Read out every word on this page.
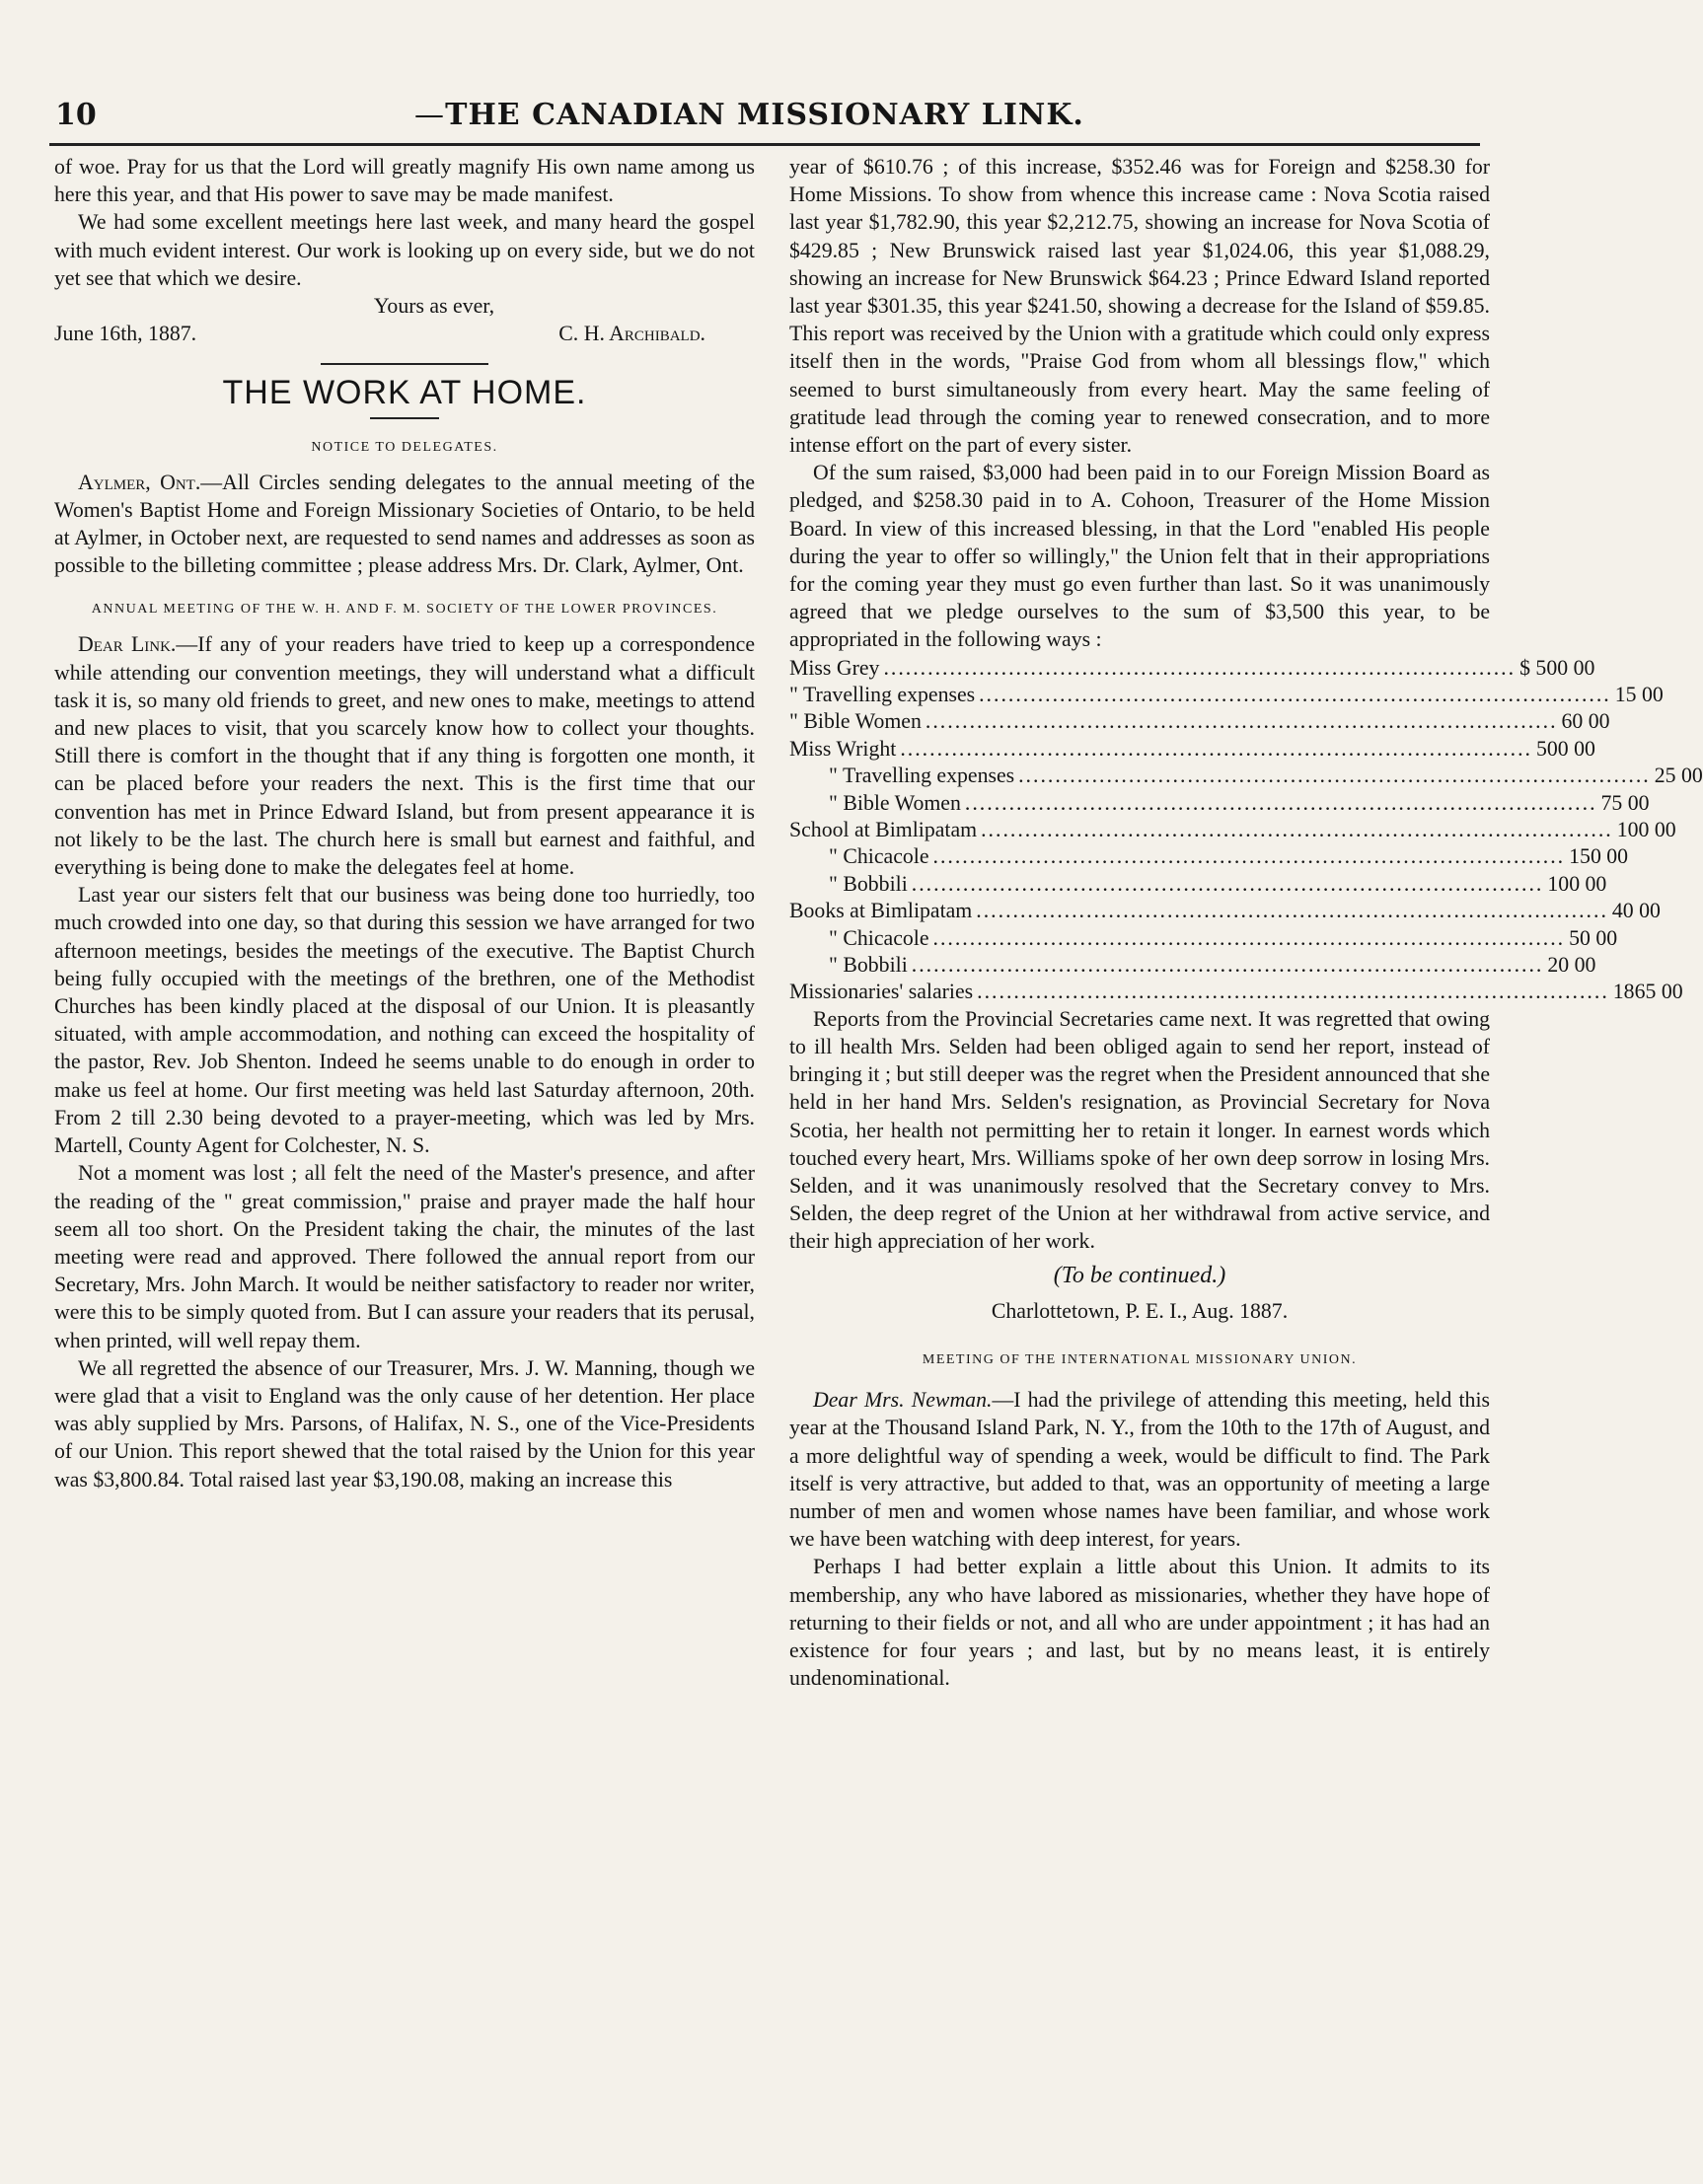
10	— THE CANADIAN MISSIONARY LINK.

of woe. Pray for us that the Lord will greatly magnify His own name among us here this year, and that His power to save may be made manifest.

We had some excellent meetings here last week, and many heard the gospel with much evident interest. Our work is looking up on every side, but we do not yet see that which we desire.

Yours as ever,
June 16th, 1887.	C. H. Archibald.
THE WORK AT HOME.
NOTICE TO DELEGATES.

Aylmer, Ont.—All Circles sending delegates to the annual meeting of the Women's Baptist Home and Foreign Missionary Societies of Ontario, to be held at Aylmer, in October next, are requested to send names and addresses as soon as possible to the billeting committee ; please address Mrs. Dr. Clark, Aylmer, Ont.

ANNUAL MEETING OF THE W. H. AND F. M. SOCIETY OF THE LOWER PROVINCES.

Dear Link.—If any of your readers have tried to keep up a correspondence while attending our convention meetings, they will understand what a difficult task it is, so many old friends to greet, and new ones to make, meetings to attend and new places to visit, that you scarcely know how to collect your thoughts. Still there is comfort in the thought that if any thing is forgotten one month, it can be placed before your readers the next. This is the first time that our convention has met in Prince Edward Island, but from present appearance it is not likely to be the last. The church here is small but earnest and faithful, and everything is being done to make the delegates feel at home.

Last year our sisters felt that our business was being done too hurriedly, too much crowded into one day, so that during this session we have arranged for two afternoon meetings, besides the meetings of the executive. The Baptist Church being fully occupied with the meetings of the brethren, one of the Methodist Churches has been kindly placed at the disposal of our Union. It is pleasantly situated, with ample accommodation, and nothing can exceed the hospitality of the pastor, Rev. Job Shenton. Indeed he seems unable to do enough in order to make us feel at home. Our first meeting was held last Saturday afternoon, 20th. From 2 till 2.30 being devoted to a prayer-meeting, which was led by Mrs. Martell, County Agent for Colchester, N. S.

Not a moment was lost ; all felt the need of the Master's presence, and after the reading of the " great commission," praise and prayer made the half hour seem all too short. On the President taking the chair, the minutes of the last meeting were read and approved. There followed the annual report from our Secretary, Mrs. John March. It would be neither satisfactory to reader nor writer, were this to be simply quoted from. But I can assure your readers that its perusal, when printed, will well repay them.

We all regretted the absence of our Treasurer, Mrs. J. W. Manning, though we were glad that a visit to England was the only cause of her detention. Her place was ably supplied by Mrs. Parsons, of Halifax, N. S., one of the Vice-Presidents of our Union. This report shewed that the total raised by the Union for this year was $3,800.84. Total raised last year $3,190.08, making an increase this

year of $610.76 ; of this increase, $352.46 was for Foreign and $258.30 for Home Missions. To show from whence this increase came : Nova Scotia raised last year $1,782.90, this year $2,212.75, showing an increase for Nova Scotia of $429.85 ; New Brunswick raised last year $1,024.06, this year $1,088.29, showing an increase for New Brunswick $64.23 ; Prince Edward Island reported last year $301.35, this year $241.50, showing a decrease for the Island of $59.85. This report was received by the Union with a gratitude which could only express itself then in the words, "Praise God from whom all blessings flow," which seemed to burst simultaneously from every heart. May the same feeling of gratitude lead through the coming year to renewed consecration, and to more intense effort on the part of every sister.

Of the sum raised, $3,000 had been paid in to our Foreign Mission Board as pledged, and $258.30 paid in to A. Cohoon, Treasurer of the Home Mission Board. In view of this increased blessing, in that the Lord "enabled His people during the year to offer so willingly," the Union felt that in their appropriations for the coming year they must go even further than last. So it was unanimously agreed that we pledge ourselves to the sum of $3,500 this year, to be appropriated in the following ways :

Miss Grey ...................................................................................... $ 500 00
" Travelling expenses ...................................................................................... 15 00
" Bible Women ...................................................................................... 60 00
Miss Wright ...................................................................................... 500 00
" Travelling expenses ...................................................................................... 25 00
" Bible Women ...................................................................................... 75 00
School at Bimlipatam ...................................................................................... 100 00
" Chicacole ...................................................................................... 150 00
" Bobbili ...................................................................................... 100 00
Books at Bimlipatam ...................................................................................... 40 00
" Chicacole ...................................................................................... 50 00
" Bobbili ...................................................................................... 20 00
Missionaries' salaries ...................................................................................... 1865 00

Reports from the Provincial Secretaries came next. It was regretted that owing to ill health Mrs. Selden had been obliged again to send her report, instead of bringing it ; but still deeper was the regret when the President announced that she held in her hand Mrs. Selden's resignation, as Provincial Secretary for Nova Scotia, her health not permitting her to retain it longer. In earnest words which touched every heart, Mrs. Williams spoke of her own deep sorrow in losing Mrs. Selden, and it was unanimously resolved that the Secretary convey to Mrs. Selden, the deep regret of the Union at her withdrawal from active service, and their high appreciation of her work.

(To be continued.)
Charlottetown, P. E. I., Aug. 1887.
MEETING OF THE INTERNATIONAL MISSIONARY UNION.

Dear Mrs. Newman.—I had the privilege of attending this meeting, held this year at the Thousand Island Park, N. Y., from the 10th to the 17th of August, and a more delightful way of spending a week, would be difficult to find. The Park itself is very attractive, but added to that, was an opportunity of meeting a large number of men and women whose names have been familiar, and whose work we have been watching with deep interest, for years.

Perhaps I had better explain a little about this Union. It admits to its membership, any who have labored as missionaries, whether they have hope of returning to their fields or not, and all who are under appointment ; it has had an existence for four years ; and last, but by no means least, it is entirely undenominational.
